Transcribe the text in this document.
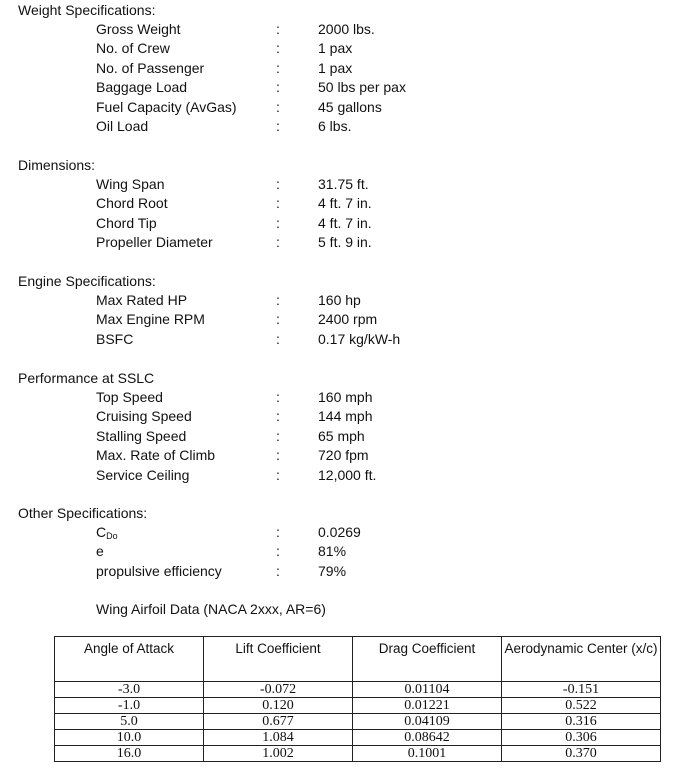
Weight Specifications:
Gross Weight	:	2000 lbs.
No. of Crew	:	1 pax
No. of Passenger	:	1 pax
Baggage Load	:	50 lbs per pax
Fuel Capacity (AvGas)	:	45 gallons
Oil Load	:	6 lbs.
Dimensions:
Wing Span	:	31.75 ft.
Chord Root	:	4 ft. 7 in.
Chord Tip	:	4 ft. 7 in.
Propeller Diameter	:	5 ft. 9 in.
Engine Specifications:
Max Rated HP	:	160 hp
Max Engine RPM	:	2400 rpm
BSFC	:	0.17 kg/kW-h
Performance at SSLC
Top Speed	:	160 mph
Cruising Speed	:	144 mph
Stalling Speed	:	65 mph
Max. Rate of Climb	:	720 fpm
Service Ceiling	:	12,000 ft.
Other Specifications:
$C_{Do}$	:	0.0269
e	:	81%
propulsive efficiency	:	79%
Wing Airfoil Data (NACA 2xxx, AR=6)
Angle of Attack	Lift Coefficient	Drag Coefficient	Aerodynamic Center (x/c)
-3.0	-0.072	0.01104	-0.151
-1.0	0.120	0.01221	0.522
5.0	0.677	0.04109	0.316
10.0	1.084	0.08642	0.306
16.0	1.002	0.1001	0.370
